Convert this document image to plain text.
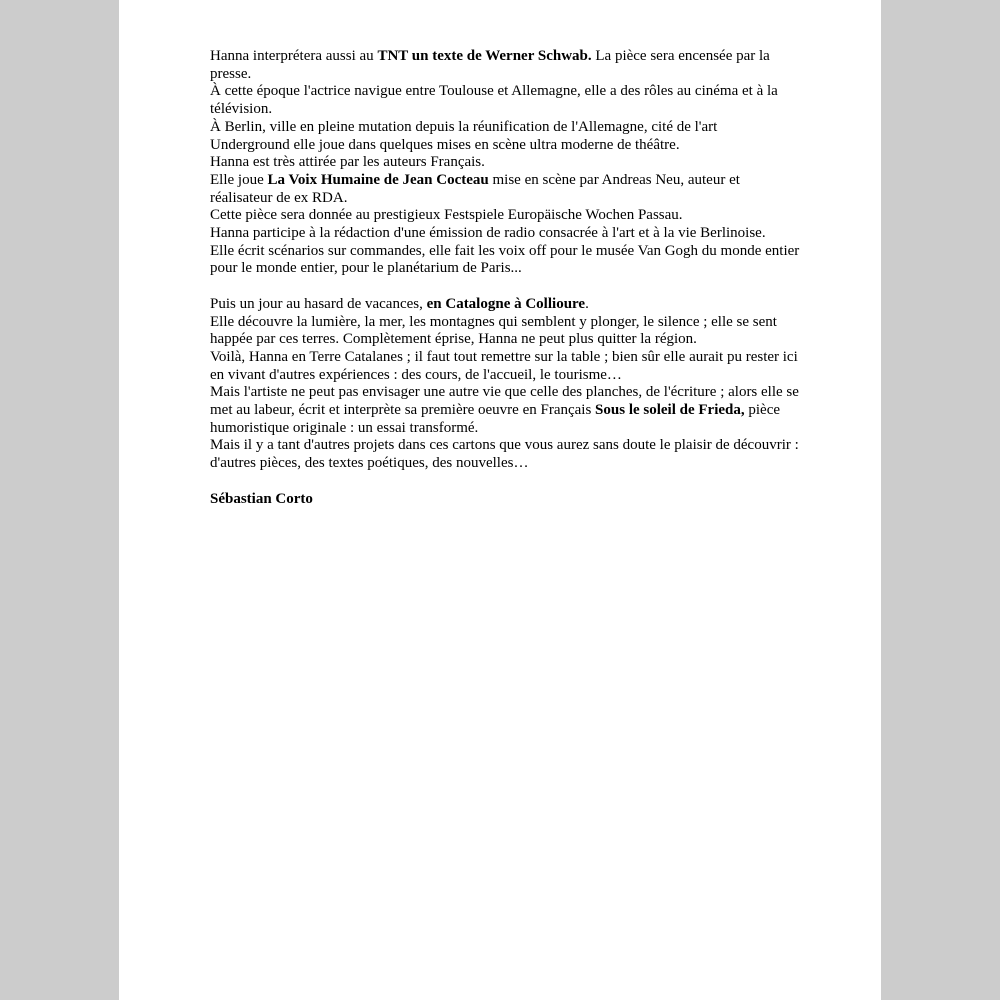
Hanna interprétera aussi au TNT un texte de Werner Schwab. La pièce sera encensée par la presse.

À cette époque l'actrice navigue entre Toulouse et Allemagne, elle a des rôles au cinéma et à la télévision.

À Berlin, ville en pleine mutation depuis la réunification de l'Allemagne, cité de l'art Underground elle joue dans quelques mises en scène ultra moderne de théâtre.

Hanna est très attirée par les auteurs Français.

Elle joue La Voix Humaine de Jean Cocteau mise en scène par Andreas Neu, auteur et réalisateur de ex RDA.

Cette pièce sera donnée au prestigieux Festspiele Europäische Wochen Passau.

Hanna participe à la rédaction d'une émission de radio consacrée à l'art et à la vie Berlinoise.

Elle écrit scénarios sur commandes, elle fait les voix off pour le musée Van Gogh du monde entier pour le monde entier, pour le planétarium de Paris...

Puis un jour au hasard de vacances, en Catalogne à Collioure.

Elle découvre la lumière, la mer, les montagnes qui semblent y plonger, le silence ; elle se sent happée par ces terres. Complètement éprise, Hanna ne peut plus quitter la région.

Voilà, Hanna en Terre Catalanes ; il faut tout remettre sur la table ; bien sûr elle aurait pu rester ici en vivant d'autres expériences : des cours, de l'accueil, le tourisme…

Mais l'artiste ne peut pas envisager une autre vie que celle des planches, de l'écriture ; alors elle se met au labeur, écrit et interprète sa première oeuvre en Français Sous le soleil de Frieda, pièce humoristique originale : un essai transformé.

Mais il y a tant d'autres projets dans ces cartons que vous aurez sans doute le plaisir de découvrir : d'autres pièces, des textes poétiques, des nouvelles…

Sébastian Corto
